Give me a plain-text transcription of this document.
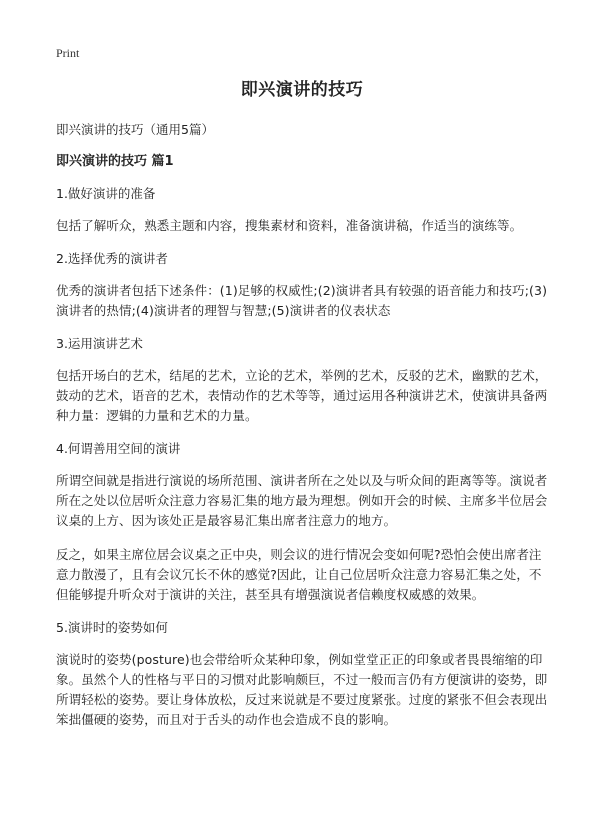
Print
即兴演讲的技巧
即兴演讲的技巧（通用5篇）
即兴演讲的技巧 篇1
1.做好演讲的准备

包括了解听众，熟悉主题和内容，搜集素材和资料，准备演讲稿，作适当的演练等。

2.选择优秀的演讲者

优秀的演讲者包括下述条件：(1)足够的权威性;(2)演讲者具有较强的语音能力和技巧;(3)演讲者的热情;(4)演讲者的理智与智慧;(5)演讲者的仪表状态

3.运用演讲艺术

包括开场白的艺术，结尾的艺术，立论的艺术，举例的艺术，反驳的艺术，幽默的艺术，鼓动的艺术，语音的艺术，表情动作的艺术等等，通过运用各种演讲艺术，使演讲具备两种力量：逻辑的力量和艺术的力量。

4.何谓善用空间的演讲

所谓空间就是指进行演说的场所范围、演讲者所在之处以及与听众间的距离等等。演说者所在之处以位居听众注意力容易汇集的地方最为理想。例如开会的时候、主席多半位居会议桌的上方、因为该处正是最容易汇集出席者注意力的地方。

反之，如果主席位居会议桌之正中央，则会议的进行情况会变如何呢?恐怕会使出席者注意力散漫了，且有会议冗长不休的感觉?因此，让自己位居听众注意力容易汇集之处，不但能够提升听众对于演讲的关注，甚至具有增强演说者信赖度权威感的效果。

5.演讲时的姿势如何

演说时的姿势(posture)也会带给听众某种印象，例如堂堂正正的印象或者畏畏缩缩的印象。虽然个人的性格与平日的习惯对此影响颇巨，不过一般而言仍有方便演讲的姿势，即所谓轻松的姿势。要让身体放松，反过来说就是不要过度紧张。过度的紧张不但会表现出笨拙僵硬的姿势，而且对于舌头的动作也会造成不良的影响。
